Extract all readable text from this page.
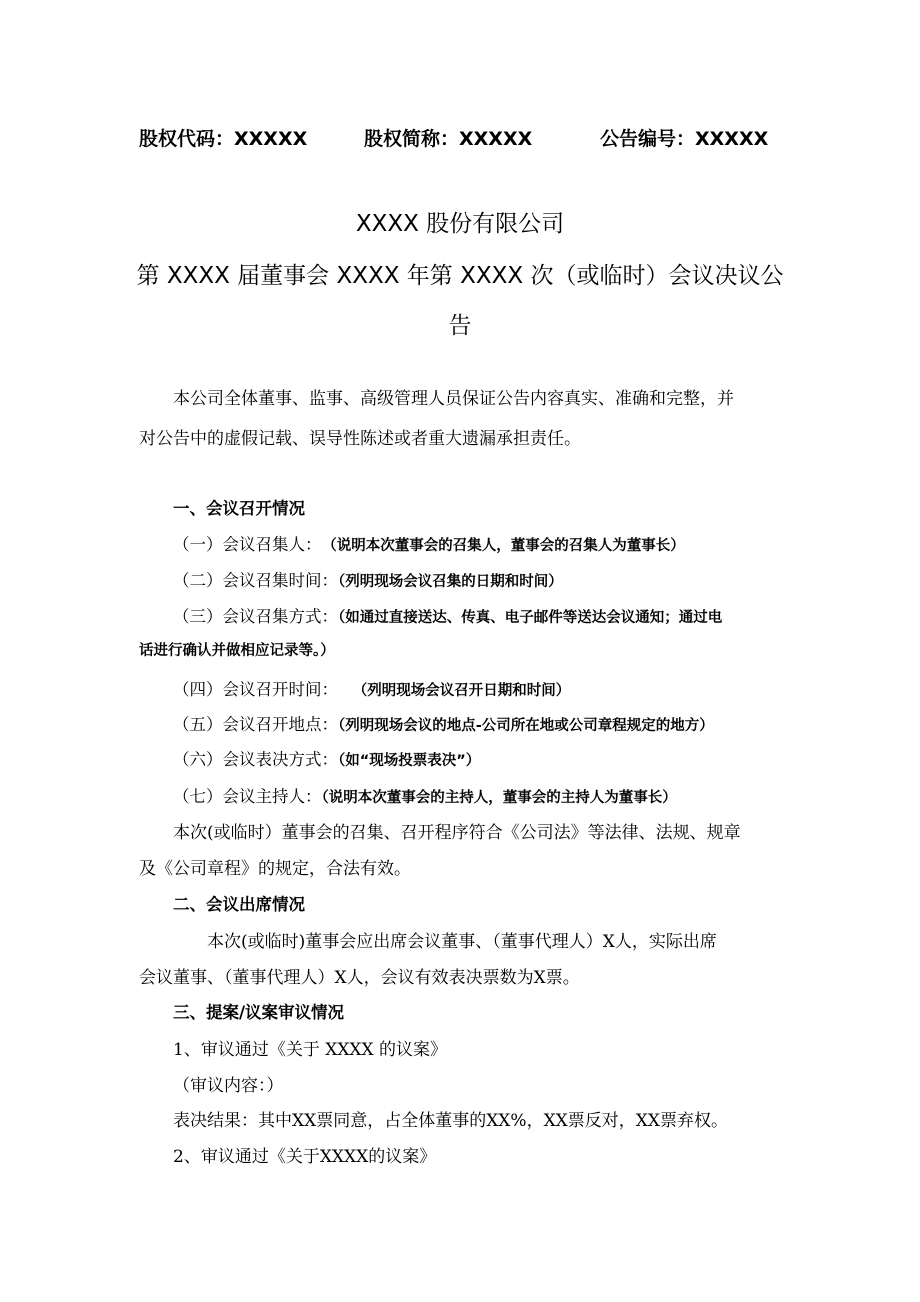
股权代码：XXXXX	股权简称：XXXXX	公告编号：XXXXX
XXXX 股份有限公司
第 XXXX 届董事会 XXXX 年第 XXXX 次（或临时）会议决议公
告
本公司全体董事、监事、高级管理人员保证公告内容真实、准确和完整，并
对公告中的虚假记载、误导性陈述或者重大遗漏承担责任。
一、会议召开情况
（一）会议召集人： （说明本次董事会的召集人，董事会的召集人为董事长）
（二）会议召集时间：（列明现场会议召集的日期和时间）
（三）会议召集方式：（如通过直接送达、传真、电子邮件等送达会议通知；通过电
话进行确认并做相应记录等。）
（四）会议召开时间： （列明现场会议召开日期和时间）
（五）会议召开地点：（列明现场会议的地点-公司所在地或公司章程规定的地方）
（六）会议表决方式：（如“现场投票表决”）
（七）会议主持人：（说明本次董事会的主持人，董事会的主持人为董事长）
本次(或临时）董事会的召集、召开程序符合《公司法》等法律、法规、规章
及《公司章程》的规定，合法有效。
二、会议出席情况
本次(或临时)董事会应出席会议董事、（董事代理人）X人，实际出席
会议董事、（董事代理人）X人，会议有效表决票数为X票。
三、提案/议案审议情况
1、审议通过《关于 XXXX 的议案》
（审议内容：）
表决结果：其中XX票同意，占全体董事的XX%，XX票反对，XX票弃权。
2、审议通过《关于XXXX的议案》
